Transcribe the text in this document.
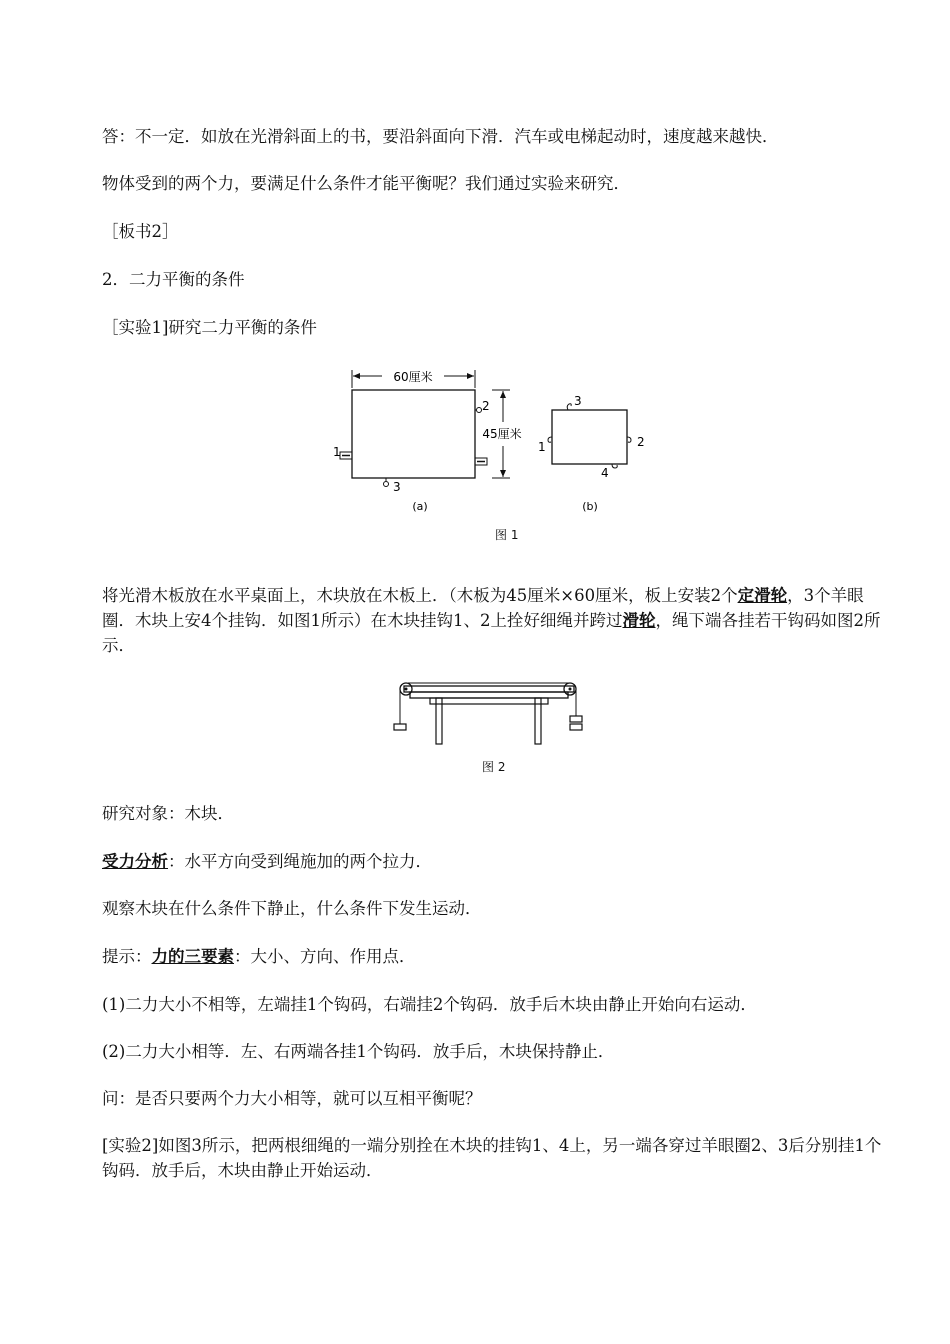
答：不一定．如放在光滑斜面上的书，要沿斜面向下滑．汽车或电梯起动时，速度越来越快．
物体受到的两个力，要满足什么条件才能平衡呢？我们通过实验来研究．
［板书2］
2．二力平衡的条件
［实验1]研究二力平衡的条件
60厘米
45厘米
1
2
3
1	2
3
4
(a)	(b)
图 1
将光滑木板放在水平桌面上，木块放在木板上．（木板为45厘米×60厘米，板上安装2个定滑轮，3个羊眼圈．木块上安4个挂钩．如图1所示）在木块挂钩1、2上拴好细绳并跨过滑轮，绳下端各挂若干钩码如图2所示．
图 2
研究对象：木块．
受力分析：水平方向受到绳施加的两个拉力．
观察木块在什么条件下静止，什么条件下发生运动．
提示：力的三要素：大小、方向、作用点．
(1)二力大小不相等，左端挂1个钩码，右端挂2个钩码．放手后木块由静止开始向右运动．
(2)二力大小相等．左、右两端各挂1个钩码．放手后，木块保持静止．
问：是否只要两个力大小相等，就可以互相平衡呢？
[实验2]如图3所示，把两根细绳的一端分别拴在木块的挂钩1、4上，另一端各穿过羊眼圈2、3后分别挂1个钩码．放手后，木块由静止开始运动．
